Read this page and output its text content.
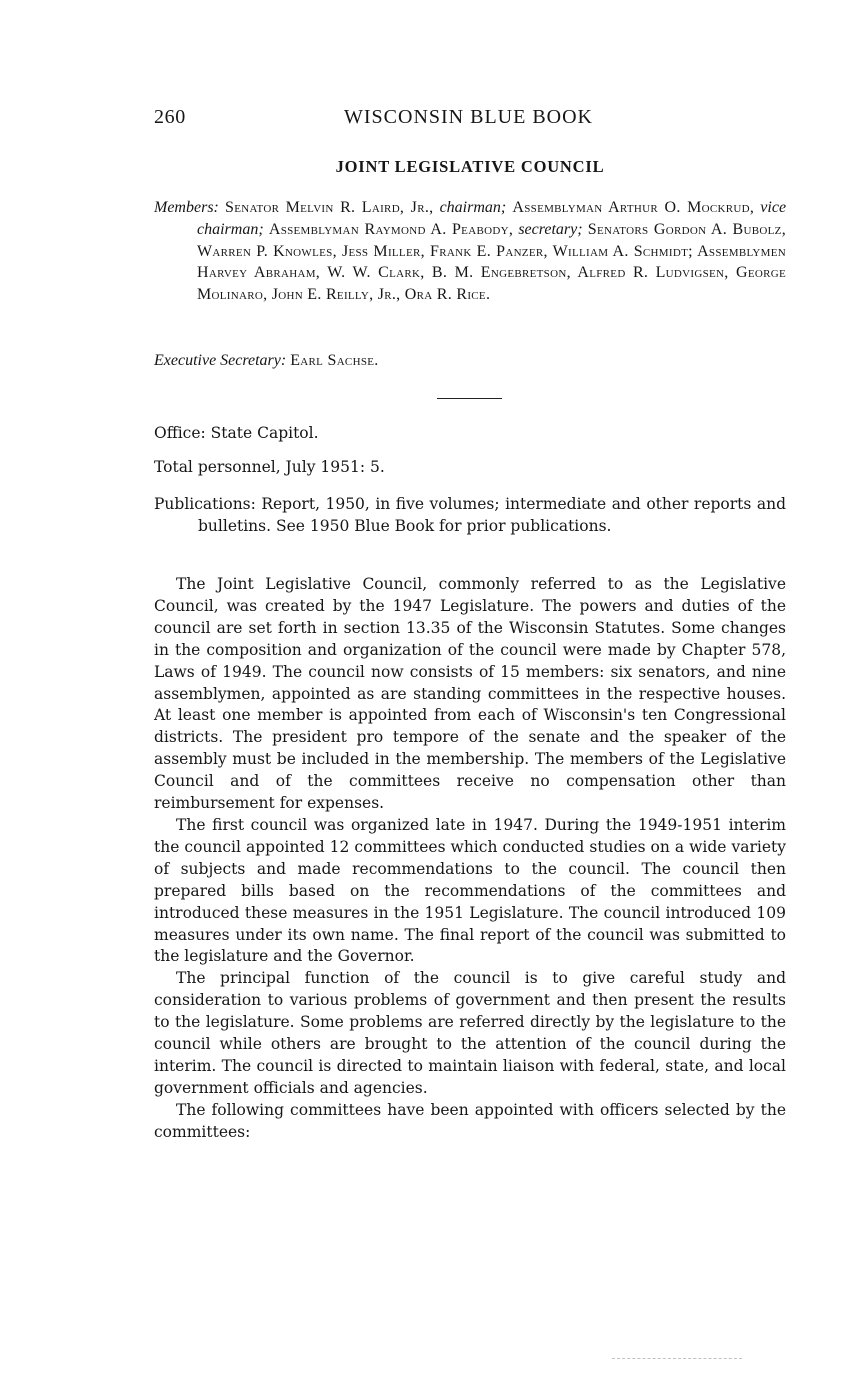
260	WISCONSIN BLUE BOOK
JOINT LEGISLATIVE COUNCIL
Members: Senator Melvin R. Laird, Jr., chairman; Assemblyman Arthur O. Mockrud, vice chairman; Assemblyman Raymond A. Peabody, secretary; Senators Gordon A. Bubolz, Warren P. Knowles, Jess Miller, Frank E. Panzer, William A. Schmidt; Assemblymen Harvey Abraham, W. W. Clark, B. M. Engebretson, Alfred R. Ludvigsen, George Molinaro, John E. Reilly, Jr., Ora R. Rice.
Executive Secretary: Earl Sachse.
Office: State Capitol.
Total personnel, July 1951: 5.
Publications: Report, 1950, in five volumes; intermediate and other reports and bulletins. See 1950 Blue Book for prior publications.

The Joint Legislative Council, commonly referred to as the Legislative Council, was created by the 1947 Legislature. The powers and duties of the council are set forth in section 13.35 of the Wisconsin Statutes. Some changes in the composition and organization of the council were made by Chapter 578, Laws of 1949. The council now consists of 15 members: six senators, and nine assemblymen, appointed as are standing committees in the respective houses. At least one member is appointed from each of Wisconsin's ten Congressional districts. The president pro tempore of the senate and the speaker of the assembly must be included in the membership. The members of the Legislative Council and of the committees receive no compensation other than reimbursement for expenses.

The first council was organized late in 1947. During the 1949-1951 interim the council appointed 12 committees which conducted studies on a wide variety of subjects and made recommendations to the council. The council then prepared bills based on the recommendations of the committees and introduced these measures in the 1951 Legislature. The council introduced 109 measures under its own name. The final report of the council was submitted to the legislature and the Governor.

The principal function of the council is to give careful study and consideration to various problems of government and then present the results to the legislature. Some problems are referred directly by the legislature to the council while others are brought to the attention of the council during the interim. The council is directed to maintain liaison with federal, state, and local government officials and agencies.

The following committees have been appointed with officers selected by the committees:
